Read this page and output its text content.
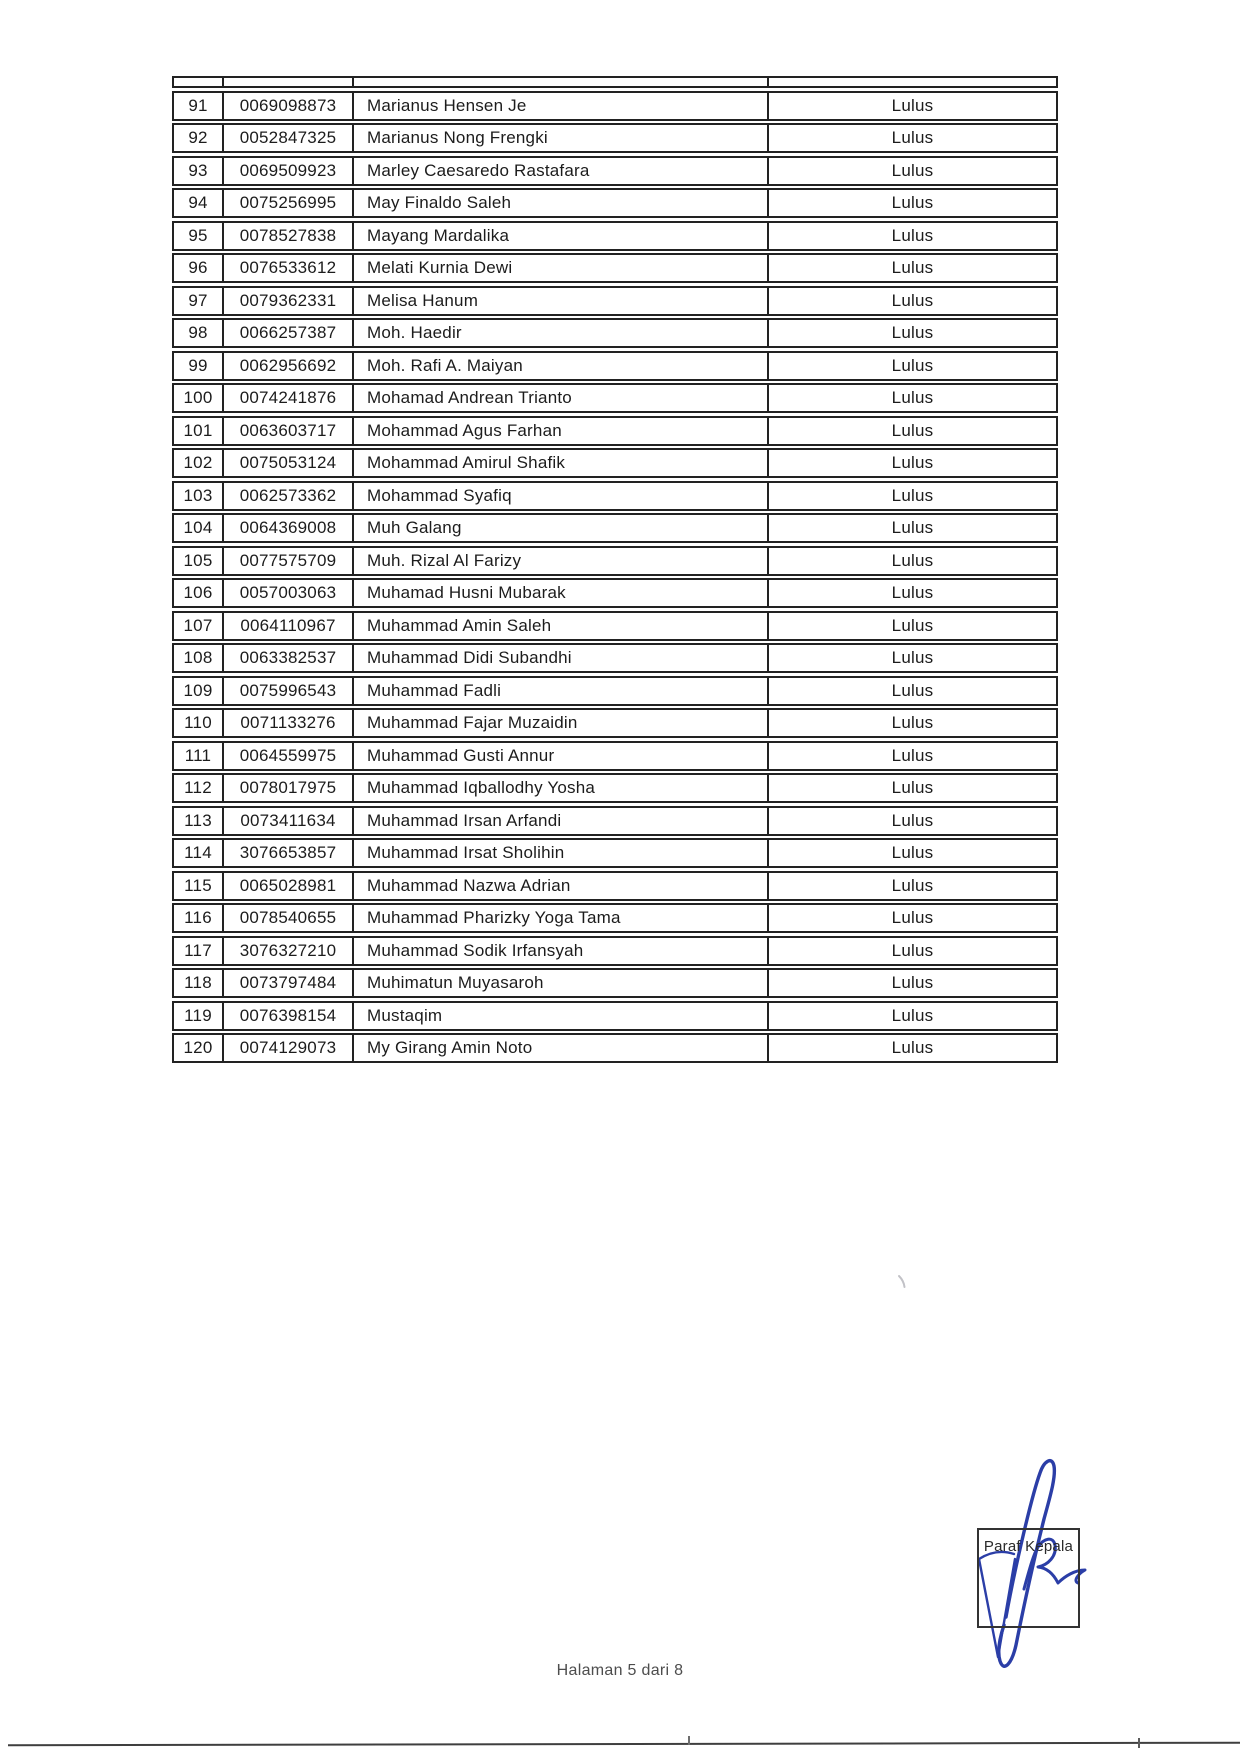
91	0069098873	Marianus Hensen Je	Lulus
92	0052847325	Marianus Nong Frengki	Lulus
93	0069509923	Marley Caesaredo Rastafara	Lulus
94	0075256995	May Finaldo Saleh	Lulus
95	0078527838	Mayang Mardalika	Lulus
96	0076533612	Melati Kurnia Dewi	Lulus
97	0079362331	Melisa Hanum	Lulus
98	0066257387	Moh. Haedir	Lulus
99	0062956692	Moh. Rafi A. Maiyan	Lulus
100	0074241876	Mohamad Andrean Trianto	Lulus
101	0063603717	Mohammad Agus Farhan	Lulus
102	0075053124	Mohammad Amirul Shafik	Lulus
103	0062573362	Mohammad Syafiq	Lulus
104	0064369008	Muh Galang	Lulus
105	0077575709	Muh. Rizal Al Farizy	Lulus
106	0057003063	Muhamad Husni Mubarak	Lulus
107	0064110967	Muhammad Amin Saleh	Lulus
108	0063382537	Muhammad Didi Subandhi	Lulus
109	0075996543	Muhammad Fadli	Lulus
110	0071133276	Muhammad Fajar Muzaidin	Lulus
111	0064559975	Muhammad Gusti Annur	Lulus
112	0078017975	Muhammad Iqballodhy Yosha	Lulus
113	0073411634	Muhammad Irsan Arfandi	Lulus
114	3076653857	Muhammad Irsat Sholihin	Lulus
115	0065028981	Muhammad Nazwa Adrian	Lulus
116	0078540655	Muhammad Pharizky Yoga Tama	Lulus
117	3076327210	Muhammad Sodik Irfansyah	Lulus
118	0073797484	Muhimatun Muyasaroh	Lulus
119	0076398154	Mustaqim	Lulus
120	0074129073	My Girang Amin Noto	Lulus
Paraf Kepala
Halaman 5 dari 8
